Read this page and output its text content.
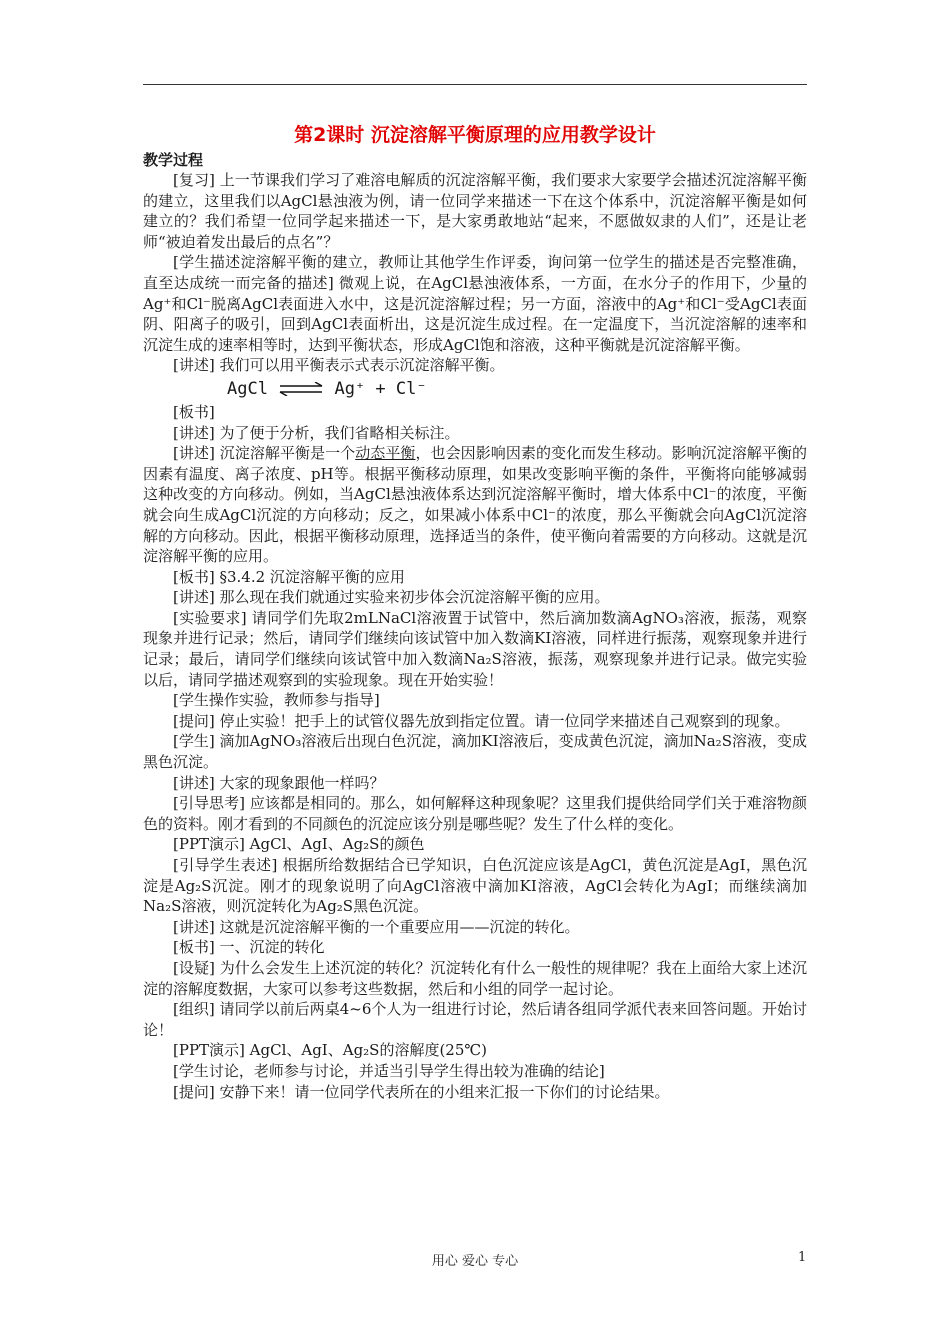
第2课时 沉淀溶解平衡原理的应用教学设计
教学过程

[复习] 上一节课我们学习了难溶电解质的沉淀溶解平衡，我们要求大家要学会描述沉淀溶解平衡的建立，这里我们以AgCl悬浊液为例，请一位同学来描述一下在这个体系中，沉淀溶解平衡是如何建立的？我们希望一位同学起来描述一下，是大家勇敢地站“起来，不愿做奴隶的人们”，还是让老师“被迫着发出最后的点名”？

[学生描述淀溶解平衡的建立，教师让其他学生作评委，询问第一位学生的描述是否完整准确，直至达成统一而完备的描述] 微观上说，在AgCl悬浊液体系，一方面，在水分子的作用下，少量的Ag⁺和Cl⁻脱离AgCl表面进入水中，这是沉淀溶解过程；另一方面，溶液中的Ag⁺和Cl⁻受AgCl表面阴、阳离子的吸引，回到AgCl表面析出，这是沉淀生成过程。在一定温度下，当沉淀溶解的速率和沉淀生成的速率相等时，达到平衡状态，形成AgCl饱和溶液，这种平衡就是沉淀溶解平衡。

[讲述] 我们可以用平衡表示式表示沉淀溶解平衡。

AgCl ⇌ Ag⁺ + Cl⁻

[板书]

[讲述] 为了便于分析，我们省略相关标注。

[讲述] 沉淀溶解平衡是一个动态平衡，也会因影响因素的变化而发生移动。影响沉淀溶解平衡的因素有温度、离子浓度、pH等。根据平衡移动原理，如果改变影响平衡的条件，平衡将向能够减弱这种改变的方向移动。例如，当AgCl悬浊液体系达到沉淀溶解平衡时，增大体系中Cl⁻的浓度，平衡就会向生成AgCl沉淀的方向移动；反之，如果减小体系中Cl⁻的浓度，那么平衡就会向AgCl沉淀溶解的方向移动。因此，根据平衡移动原理，选择适当的条件，使平衡向着需要的方向移动。这就是沉淀溶解平衡的应用。

[板书] §3.4.2 沉淀溶解平衡的应用

[讲述] 那么现在我们就通过实验来初步体会沉淀溶解平衡的应用。

[实验要求] 请同学们先取2mLNaCl溶液置于试管中，然后滴加数滴AgNO₃溶液，振荡，观察现象并进行记录；然后，请同学们继续向该试管中加入数滴KI溶液，同样进行振荡，观察现象并进行记录；最后，请同学们继续向该试管中加入数滴Na₂S溶液，振荡，观察现象并进行记录。做完实验以后，请同学描述观察到的实验现象。现在开始实验！

[学生操作实验，教师参与指导]

[提问] 停止实验！把手上的试管仪器先放到指定位置。请一位同学来描述自己观察到的现象。

[学生] 滴加AgNO₃溶液后出现白色沉淀，滴加KI溶液后，变成黄色沉淀，滴加Na₂S溶液，变成黑色沉淀。

[讲述] 大家的现象跟他一样吗？

[引导思考] 应该都是相同的。那么，如何解释这种现象呢？这里我们提供给同学们关于难溶物颜色的资料。刚才看到的不同颜色的沉淀应该分别是哪些呢？发生了什么样的变化。

[PPT演示] AgCl、AgI、Ag₂S的颜色

[引导学生表述] 根据所给数据结合已学知识，白色沉淀应该是AgCl，黄色沉淀是AgI，黑色沉淀是Ag₂S沉淀。刚才的现象说明了向AgCl溶液中滴加KI溶液，AgCl会转化为AgI；而继续滴加Na₂S溶液，则沉淀转化为Ag₂S黑色沉淀。

[讲述] 这就是沉淀溶解平衡的一个重要应用——沉淀的转化。

[板书] 一、沉淀的转化

[设疑] 为什么会发生上述沉淀的转化？沉淀转化有什么一般性的规律呢？我在上面给大家上述沉淀的溶解度数据，大家可以参考这些数据，然后和小组的同学一起讨论。

[组织] 请同学以前后两桌4~6个人为一组进行讨论，然后请各组同学派代表来回答问题。开始讨论！

[PPT演示] AgCl、AgI、Ag₂S的溶解度(25℃)

[学生讨论，老师参与讨论，并适当引导学生得出较为准确的结论]

[提问] 安静下来！请一位同学代表所在的小组来汇报一下你们的讨论结果。

用心 爱心 专心	1
